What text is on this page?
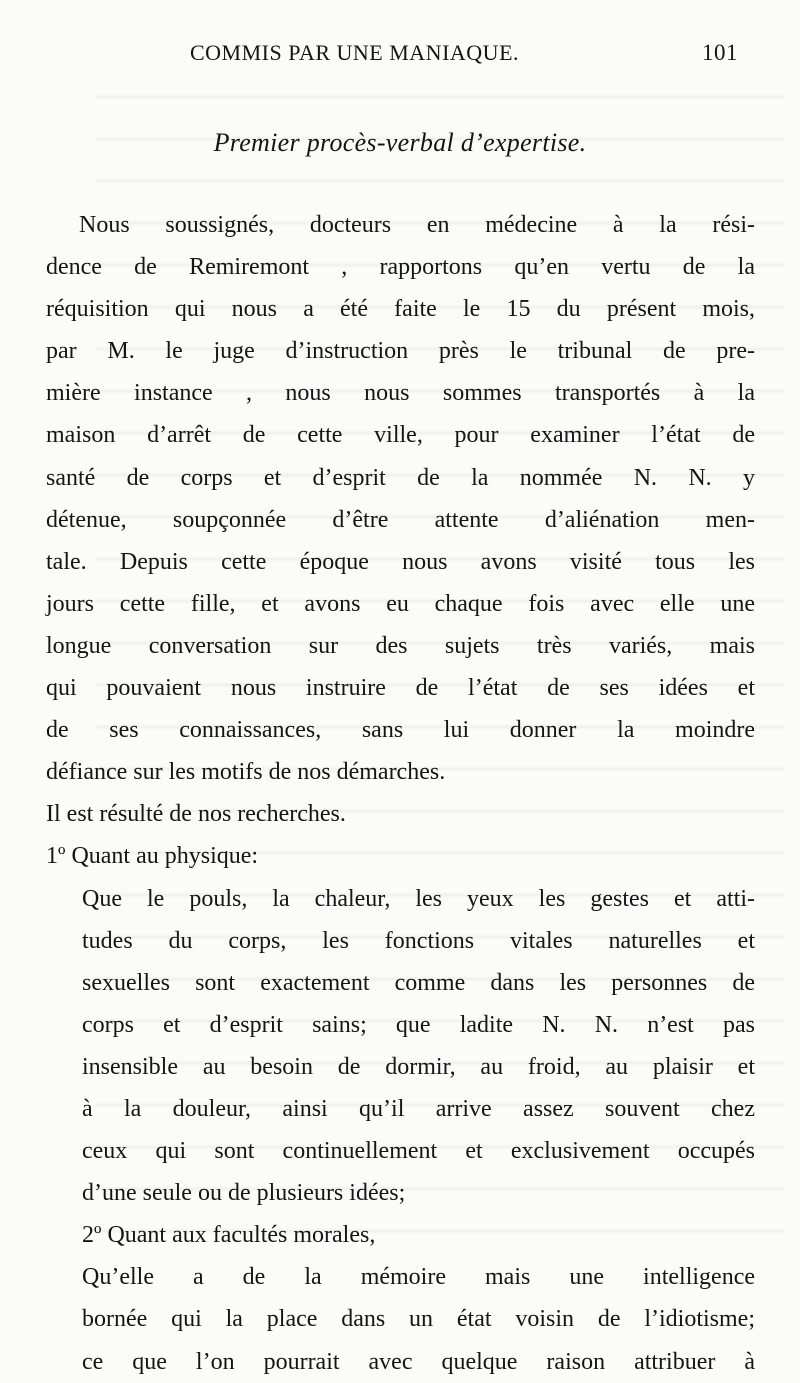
COMMIS PAR UNE MANIAQUE.	101
Premier procès-verbal d’expertise.
Nous soussignés, docteurs en médecine à la rési-
dence de Remiremont , rapportons qu’en vertu de la
réquisition qui nous a été faite le 15 du présent mois,
par M. le juge d’instruction près le tribunal de pre-
mière instance , nous nous sommes transportés à la
maison d’arrêt de cette ville, pour examiner l’état de
santé de corps et d’esprit de la nommée N. N. y
détenue, soupçonnée d’être attente d’aliénation men-
tale. Depuis cette époque nous avons visité tous les
jours cette fille, et avons eu chaque fois avec elle une
longue conversation sur des sujets très variés, mais
qui pouvaient nous instruire de l’état de ses idées et
de ses connaissances, sans lui donner la moindre
défiance sur les motifs de nos démarches.
Il est résulté de nos recherches.
1º Quant au physique:
Que le pouls, la chaleur, les yeux les gestes et atti-
tudes du corps, les fonctions vitales naturelles et
sexuelles sont exactement comme dans les personnes de
corps et d’esprit sains; que ladite N. N. n’est pas
insensible au besoin de dormir, au froid, au plaisir et
à la douleur, ainsi qu’il arrive assez souvent chez
ceux qui sont continuellement et exclusivement occupés
d’une seule ou de plusieurs idées;
2º Quant aux facultés morales,
Qu’elle a de la mémoire mais une intelligence
bornée qui la place dans un état voisin de l’idiotisme;
ce que l’on pourrait avec quelque raison attribuer à
